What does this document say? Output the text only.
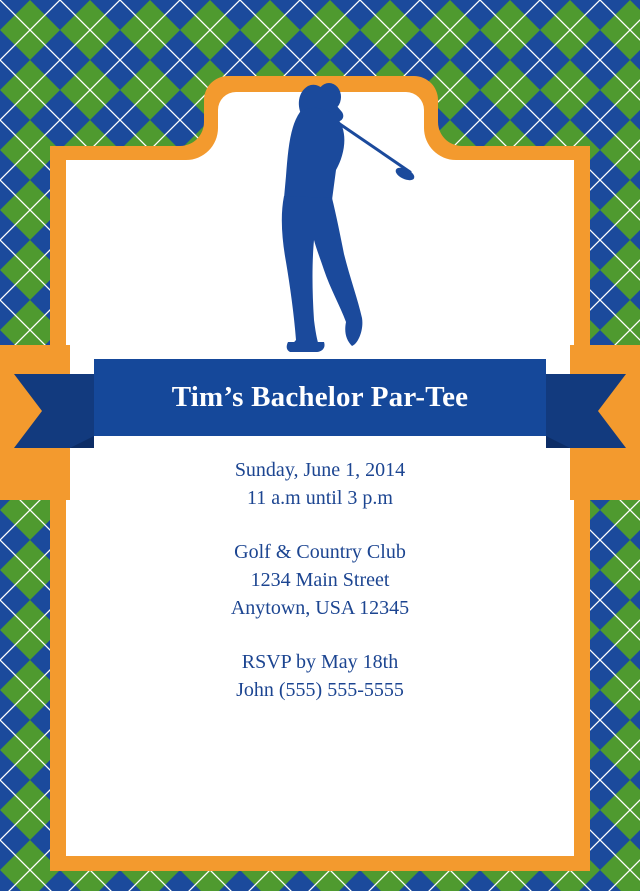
Tim’s Bachelor Par-Tee
Sunday, June 1, 2014
11 a.m until 3 p.m
Golf & Country Club
1234 Main Street
Anytown, USA 12345
RSVP by May 18th
John (555) 555-5555
